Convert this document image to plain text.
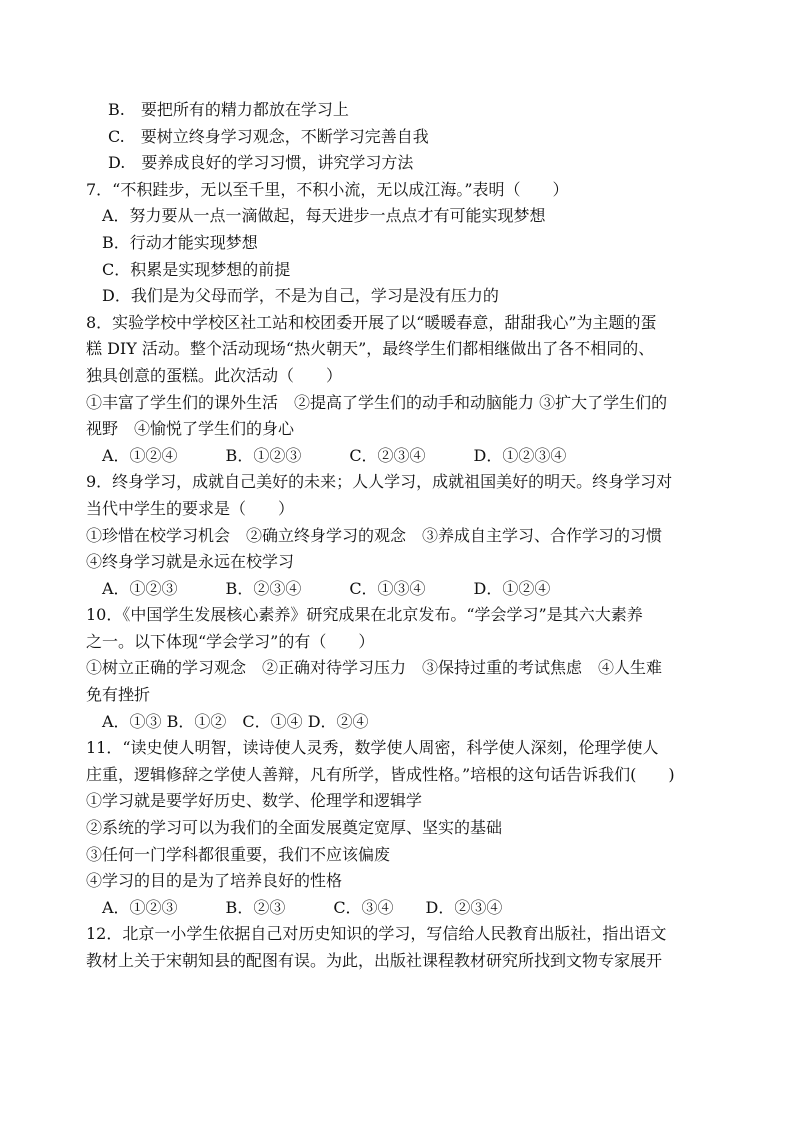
B.　要把所有的精力都放在学习上
C.　要树立终身学习观念，不断学习完善自我
D.　要养成良好的学习习惯，讲究学习方法
7．“不积跬步，无以至千里，不积小流，无以成江海。”表明（　　）
A．努力要从一点一滴做起，每天进步一点点才有可能实现梦想
B．行动才能实现梦想
C．积累是实现梦想的前提
D．我们是为父母而学，不是为自己，学习是没有压力的
8．实验学校中学校区社工站和校团委开展了以“暖暖春意，甜甜我心”为主题的蛋
糕 DIY 活动。整个活动现场“热火朝天”，最终学生们都相继做出了各不相同的、
独具创意的蛋糕。此次活动（　　）
①丰富了学生们的课外生活　②提高了学生们的动手和动脑能力 ③扩大了学生们的
视野　④愉悦了学生们的身心
A．①②④　　　B．①②③　　　C．②③④　　　D．①②③④
9．终身学习，成就自己美好的未来；人人学习，成就祖国美好的明天。终身学习对
当代中学生的要求是（　　）
①珍惜在校学习机会　②确立终身学习的观念　③养成自主学习、合作学习的习惯
④终身学习就是永远在校学习
A．①②③　　　B．②③④　　　C．①③④　　　D．①②④
10．《中国学生发展核心素养》研究成果在北京发布。“学会学习”是其六大素养
之一。以下体现“学会学习”的有（　　）
①树立正确的学习观念　②正确对待学习压力　③保持过重的考试焦虑　④人生难
免有挫折
A．①③ B．①②　C．①④ D．②④
11．“读史使人明智，读诗使人灵秀，数学使人周密，科学使人深刻，伦理学使人
庄重，逻辑修辞之学使人善辩，凡有所学，皆成性格。”培根的这句话告诉我们(　　)
①学习就是要学好历史、数学、伦理学和逻辑学
②系统的学习可以为我们的全面发展奠定宽厚、坚实的基础
③任何一门学科都很重要，我们不应该偏废
④学习的目的是为了培养良好的性格
A．①②③　　　B．②③　　　C．③④　　D．②③④
12．北京一小学生依据自己对历史知识的学习，写信给人民教育出版社，指出语文
教材上关于宋朝知县的配图有误。为此，出版社课程教材研究所找到文物专家展开
